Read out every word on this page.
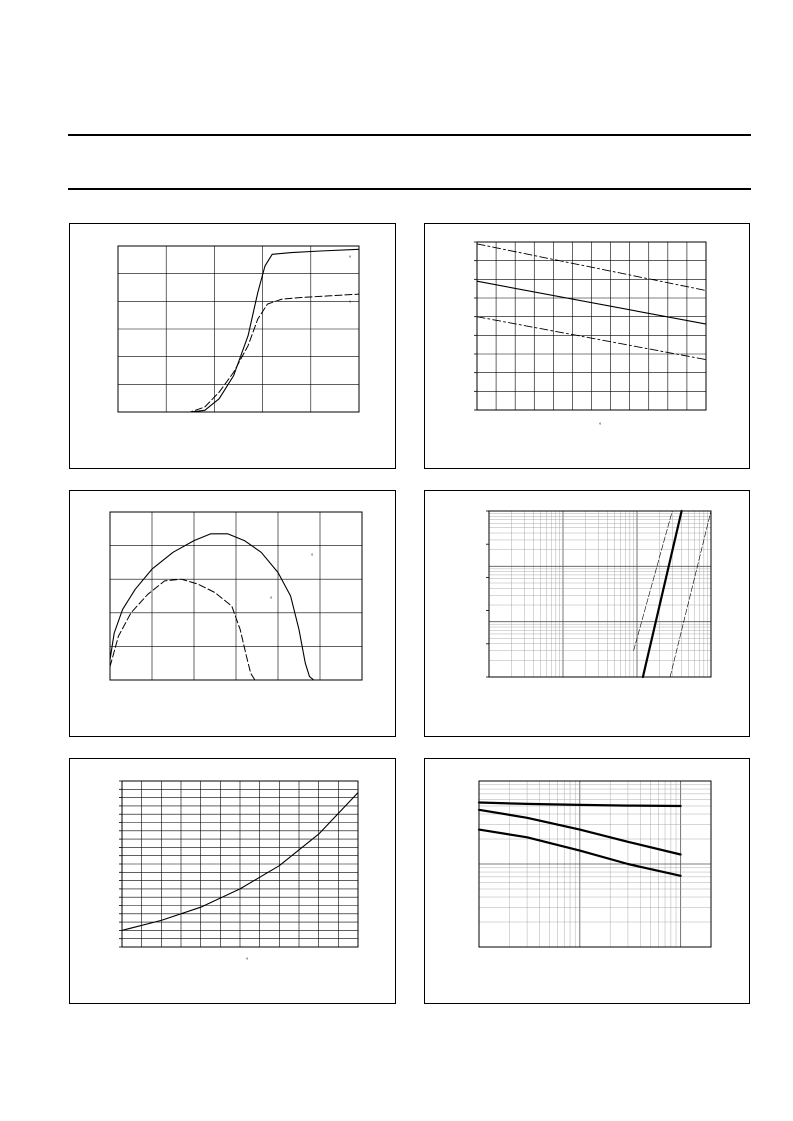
°
°
°
°
°
°
